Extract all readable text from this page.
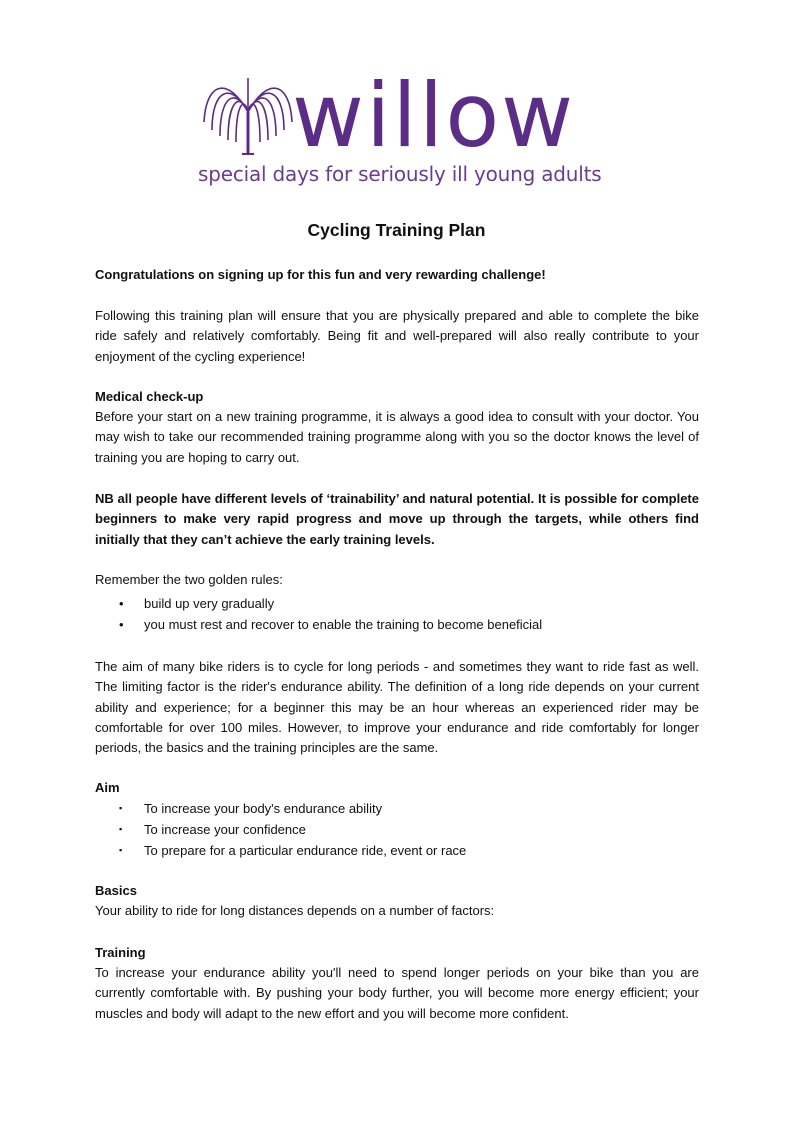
willow
special days for seriously ill young adults
Cycling Training Plan

Congratulations on signing up for this fun and very rewarding challenge!

Following this training plan will ensure that you are physically prepared and able to complete the bike ride safely and relatively comfortably. Being fit and well-prepared will also really contribute to your enjoyment of the cycling experience!

Medical check-up

Before your start on a new training programme, it is always a good idea to consult with your doctor. You may wish to take our recommended training programme along with you so the doctor knows the level of training you are hoping to carry out.

NB all people have different levels of ‘trainability’ and natural potential. It is possible for complete beginners to make very rapid progress and move up through the targets, while others find initially that they can’t achieve the early training levels.

Remember the two golden rules:

• build up very gradually
• you must rest and recover to enable the training to become beneficial

The aim of many bike riders is to cycle for long periods - and sometimes they want to ride fast as well. The limiting factor is the rider's endurance ability. The definition of a long ride depends on your current ability and experience; for a beginner this may be an hour whereas an experienced rider may be comfortable for over 100 miles. However, to improve your endurance and ride comfortably for longer periods, the basics and the training principles are the same.

Aim

▪ To increase your body's endurance ability
▪ To increase your confidence
▪ To prepare for a particular endurance ride, event or race

Basics

Your ability to ride for long distances depends on a number of factors:

Training

To increase your endurance ability you'll need to spend longer periods on your bike than you are currently comfortable with. By pushing your body further, you will become more energy efficient; your muscles and body will adapt to the new effort and you will become more confident.
